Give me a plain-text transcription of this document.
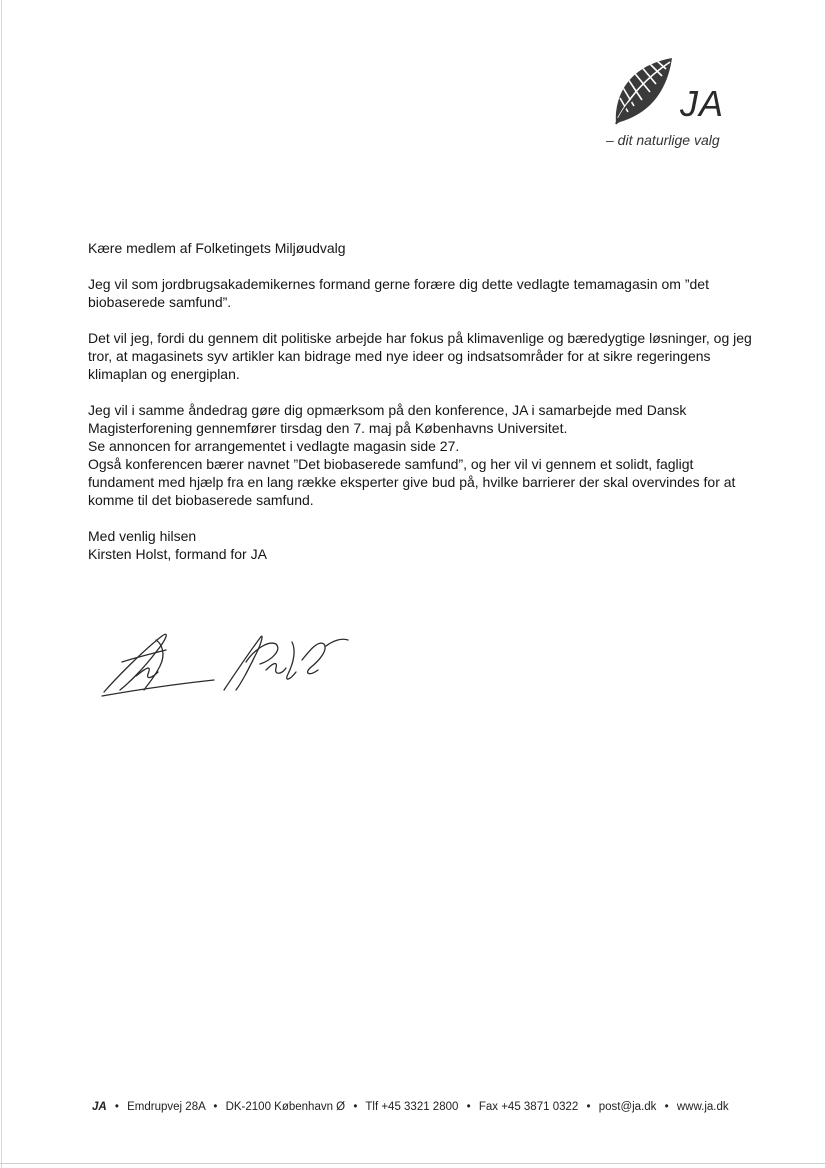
JA
– dit naturlige valg

Kære medlem af Folketingets Miljøudvalg

Jeg vil som jordbrugsakademikernes formand gerne forære dig dette vedlagte temamagasin om ”det
biobaserede samfund”.

Det vil jeg, fordi du gennem dit politiske arbejde har fokus på klimavenlige og bæredygtige løsninger, og jeg
tror, at magasinets syv artikler kan bidrage med nye ideer og indsatsområder for at sikre regeringens
klimaplan og energiplan.

Jeg vil i samme åndedrag gøre dig opmærksom på den konference, JA i samarbejde med Dansk
Magisterforening gennemfører tirsdag den 7. maj på Københavns Universitet.
Se annoncen for arrangementet i vedlagte magasin side 27.
Også konferencen bærer navnet ”Det biobaserede samfund”, og her vil vi gennem et solidt, fagligt
fundament med hjælp fra en lang række eksperter give bud på, hvilke barrierer der skal overvindes for at
komme til det biobaserede samfund.

Med venlig hilsen

Kirsten Holst, formand for JA

JA • Emdrupvej 28A • DK-2100 København Ø • Tlf +45 3321 2800 • Fax +45 3871 0322 • post@ja.dk • www.ja.dk
